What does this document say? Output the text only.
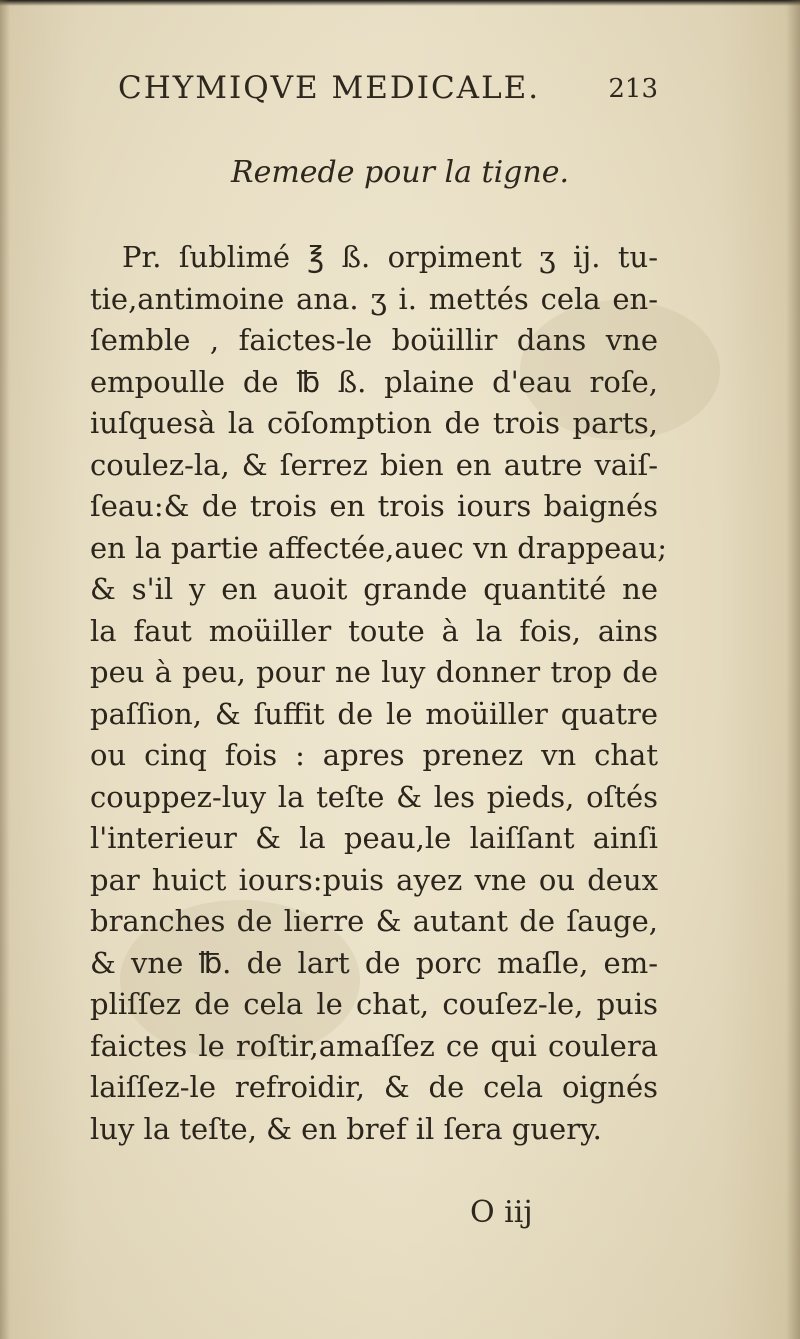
CHYMIQVE MEDICALE.	213
Remede pour la tigne.
Pr. ſublimé ℥ ß. orpiment ʒ ij. tu-
tie,antimoine ana. ʒ i. mettés cela en-
ſemble , faictes-le boüillir dans vne
empoulle de ℔ ß. plaine d'eau roſe,
iuſquesà la cōſomption de trois parts,
coulez-la, & ſerrez bien en autre vaiſ-
ſeau:& de trois en trois iours baignés
en la partie affectée,auec vn drappeau;
& s'il y en auoit grande quantité ne
la faut moüiller toute à la fois, ains
peu à peu, pour ne luy donner trop de
paſſion, & ſuffit de le moüiller quatre
ou cinq fois : apres prenez vn chat
couppez-luy la teſte & les pieds, oſtés
l'interieur & la peau,le laiſſant ainſi
par huict iours:puis ayez vne ou deux
branches de lierre & autant de ſauge,
& vne ℔. de lart de porc maſle, em-
pliſſez de cela le chat, couſez-le, puis
faictes le roſtir,amaſſez ce qui coulera
laiſſez-le refroidir, & de cela oignés
luy la teſte, & en bref il ſera guery.
O iij
